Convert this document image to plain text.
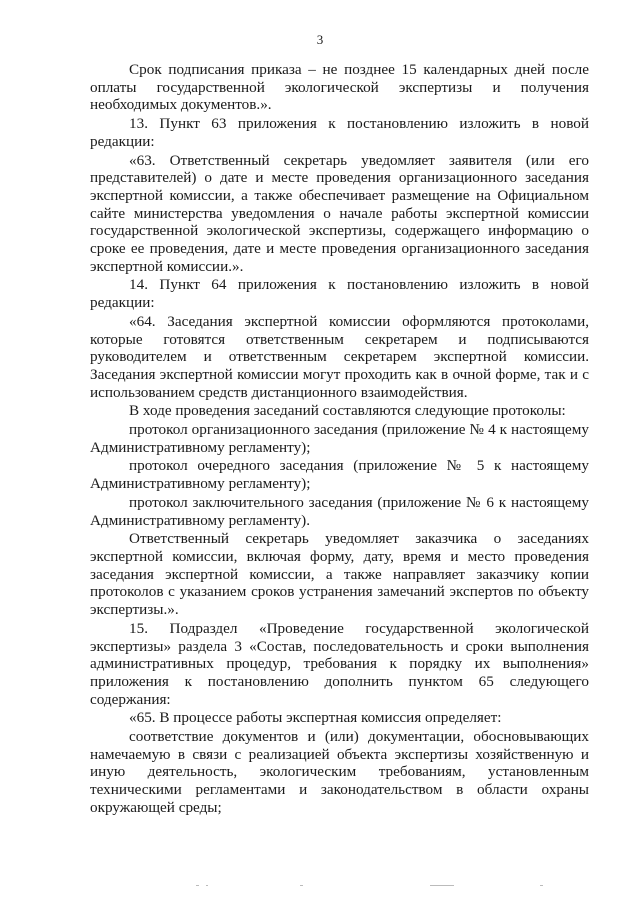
3

Срок подписания приказа – не позднее 15 календарных дней после оплаты государственной экологической экспертизы и получения необходимых документов.».

13. Пункт 63 приложения к постановлению изложить в новой редакции:

«63. Ответственный секретарь уведомляет заявителя (или его представителей) о дате и месте проведения организационного заседания экспертной комиссии, а также обеспечивает размещение на Официальном сайте министерства уведомления о начале работы экспертной комиссии государственной экологической экспертизы, содержащего информацию о сроке ее проведения, дате и месте проведения организационного заседания экспертной комиссии.».

14. Пункт 64 приложения к постановлению изложить в новой редакции:

«64. Заседания экспертной комиссии оформляются протоколами, которые готовятся ответственным секретарем и подписываются руководителем и ответственным секретарем экспертной комиссии. Заседания экспертной комиссии могут проходить как в очной форме, так и с использованием средств дистанционного взаимодействия.

В ходе проведения заседаний составляются следующие протоколы:

протокол организационного заседания (приложение № 4 к настоящему Административному регламенту);

протокол очередного заседания (приложение № 5 к настоящему Административному регламенту);

протокол заключительного заседания (приложение № 6 к настоящему Административному регламенту).

Ответственный секретарь уведомляет заказчика о заседаниях экспертной комиссии, включая форму, дату, время и место проведения заседания экспертной комиссии, а также направляет заказчику копии протоколов с указанием сроков устранения замечаний экспертов по объекту экспертизы.».

15. Подраздел «Проведение государственной экологической экспертизы» раздела 3 «Состав, последовательность и сроки выполнения административных процедур, требования к порядку их выполнения» приложения к постановлению дополнить пунктом 65 следующего содержания:

«65. В процессе работы экспертная комиссия определяет:

соответствие документов и (или) документации, обосновывающих намечаемую в связи с реализацией объекта экспертизы хозяйственную и иную деятельность, экологическим требованиям, установленным техническими регламентами и законодательством в области охраны окружающей среды;
